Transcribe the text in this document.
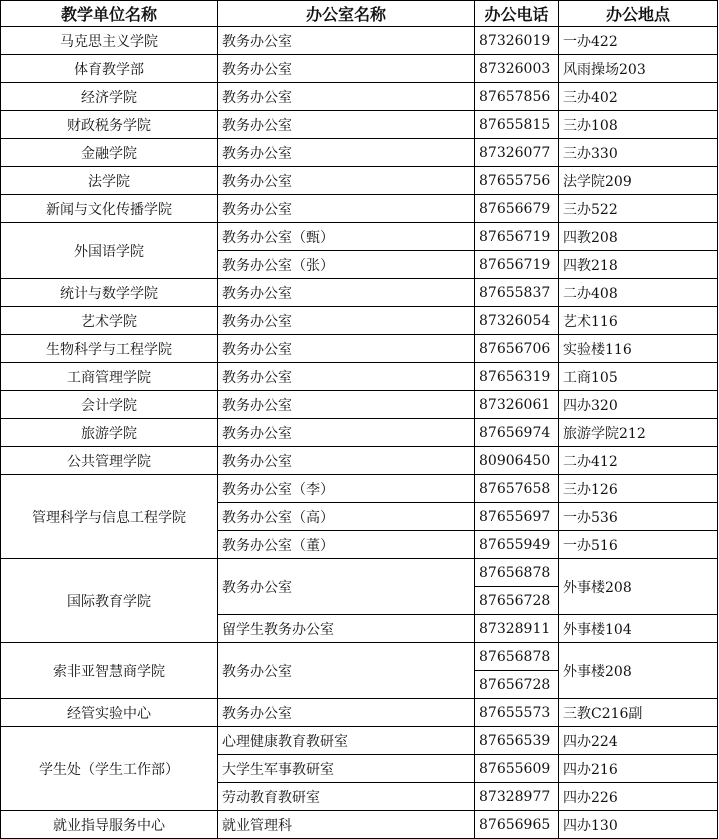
教学单位名称	办公室名称	办公电话	办公地点
马克思主义学院	教务办公室	87326019	一办422
体育教学部	教务办公室	87326003	风雨操场203
经济学院	教务办公室	87657856	三办402
财政税务学院	教务办公室	87655815	三办108
金融学院	教务办公室	87326077	三办330
法学院	教务办公室	87655756	法学院209
新闻与文化传播学院	教务办公室	87656679	三办522
外国语学院	教务办公室（甄）	87656719	四教208
	教务办公室（张）	87656719	四教218
统计与数学学院	教务办公室	87655837	二办408
艺术学院	教务办公室	87326054	艺术116
生物科学与工程学院	教务办公室	87656706	实验楼116
工商管理学院	教务办公室	87656319	工商105
会计学院	教务办公室	87326061	四办320
旅游学院	教务办公室	87656974	旅游学院212
公共管理学院	教务办公室	80906450	二办412
管理科学与信息工程学院	教务办公室（李）	87657658	三办126
	教务办公室（高）	87655697	一办536
	教务办公室（董）	87655949	一办516
国际教育学院	教务办公室	87656878	外事楼208
		87656728	
	留学生教务办公室	87328911	外事楼104
索非亚智慧商学院	教务办公室	87656878	外事楼208
		87656728	
经管实验中心	教务办公室	87655573	三教C216副
学生处（学生工作部）	心理健康教育教研室	87656539	四办224
	大学生军事教研室	87655609	四办216
	劳动教育教研室	87328977	四办226
就业指导服务中心	就业管理科	87656965	四办130
